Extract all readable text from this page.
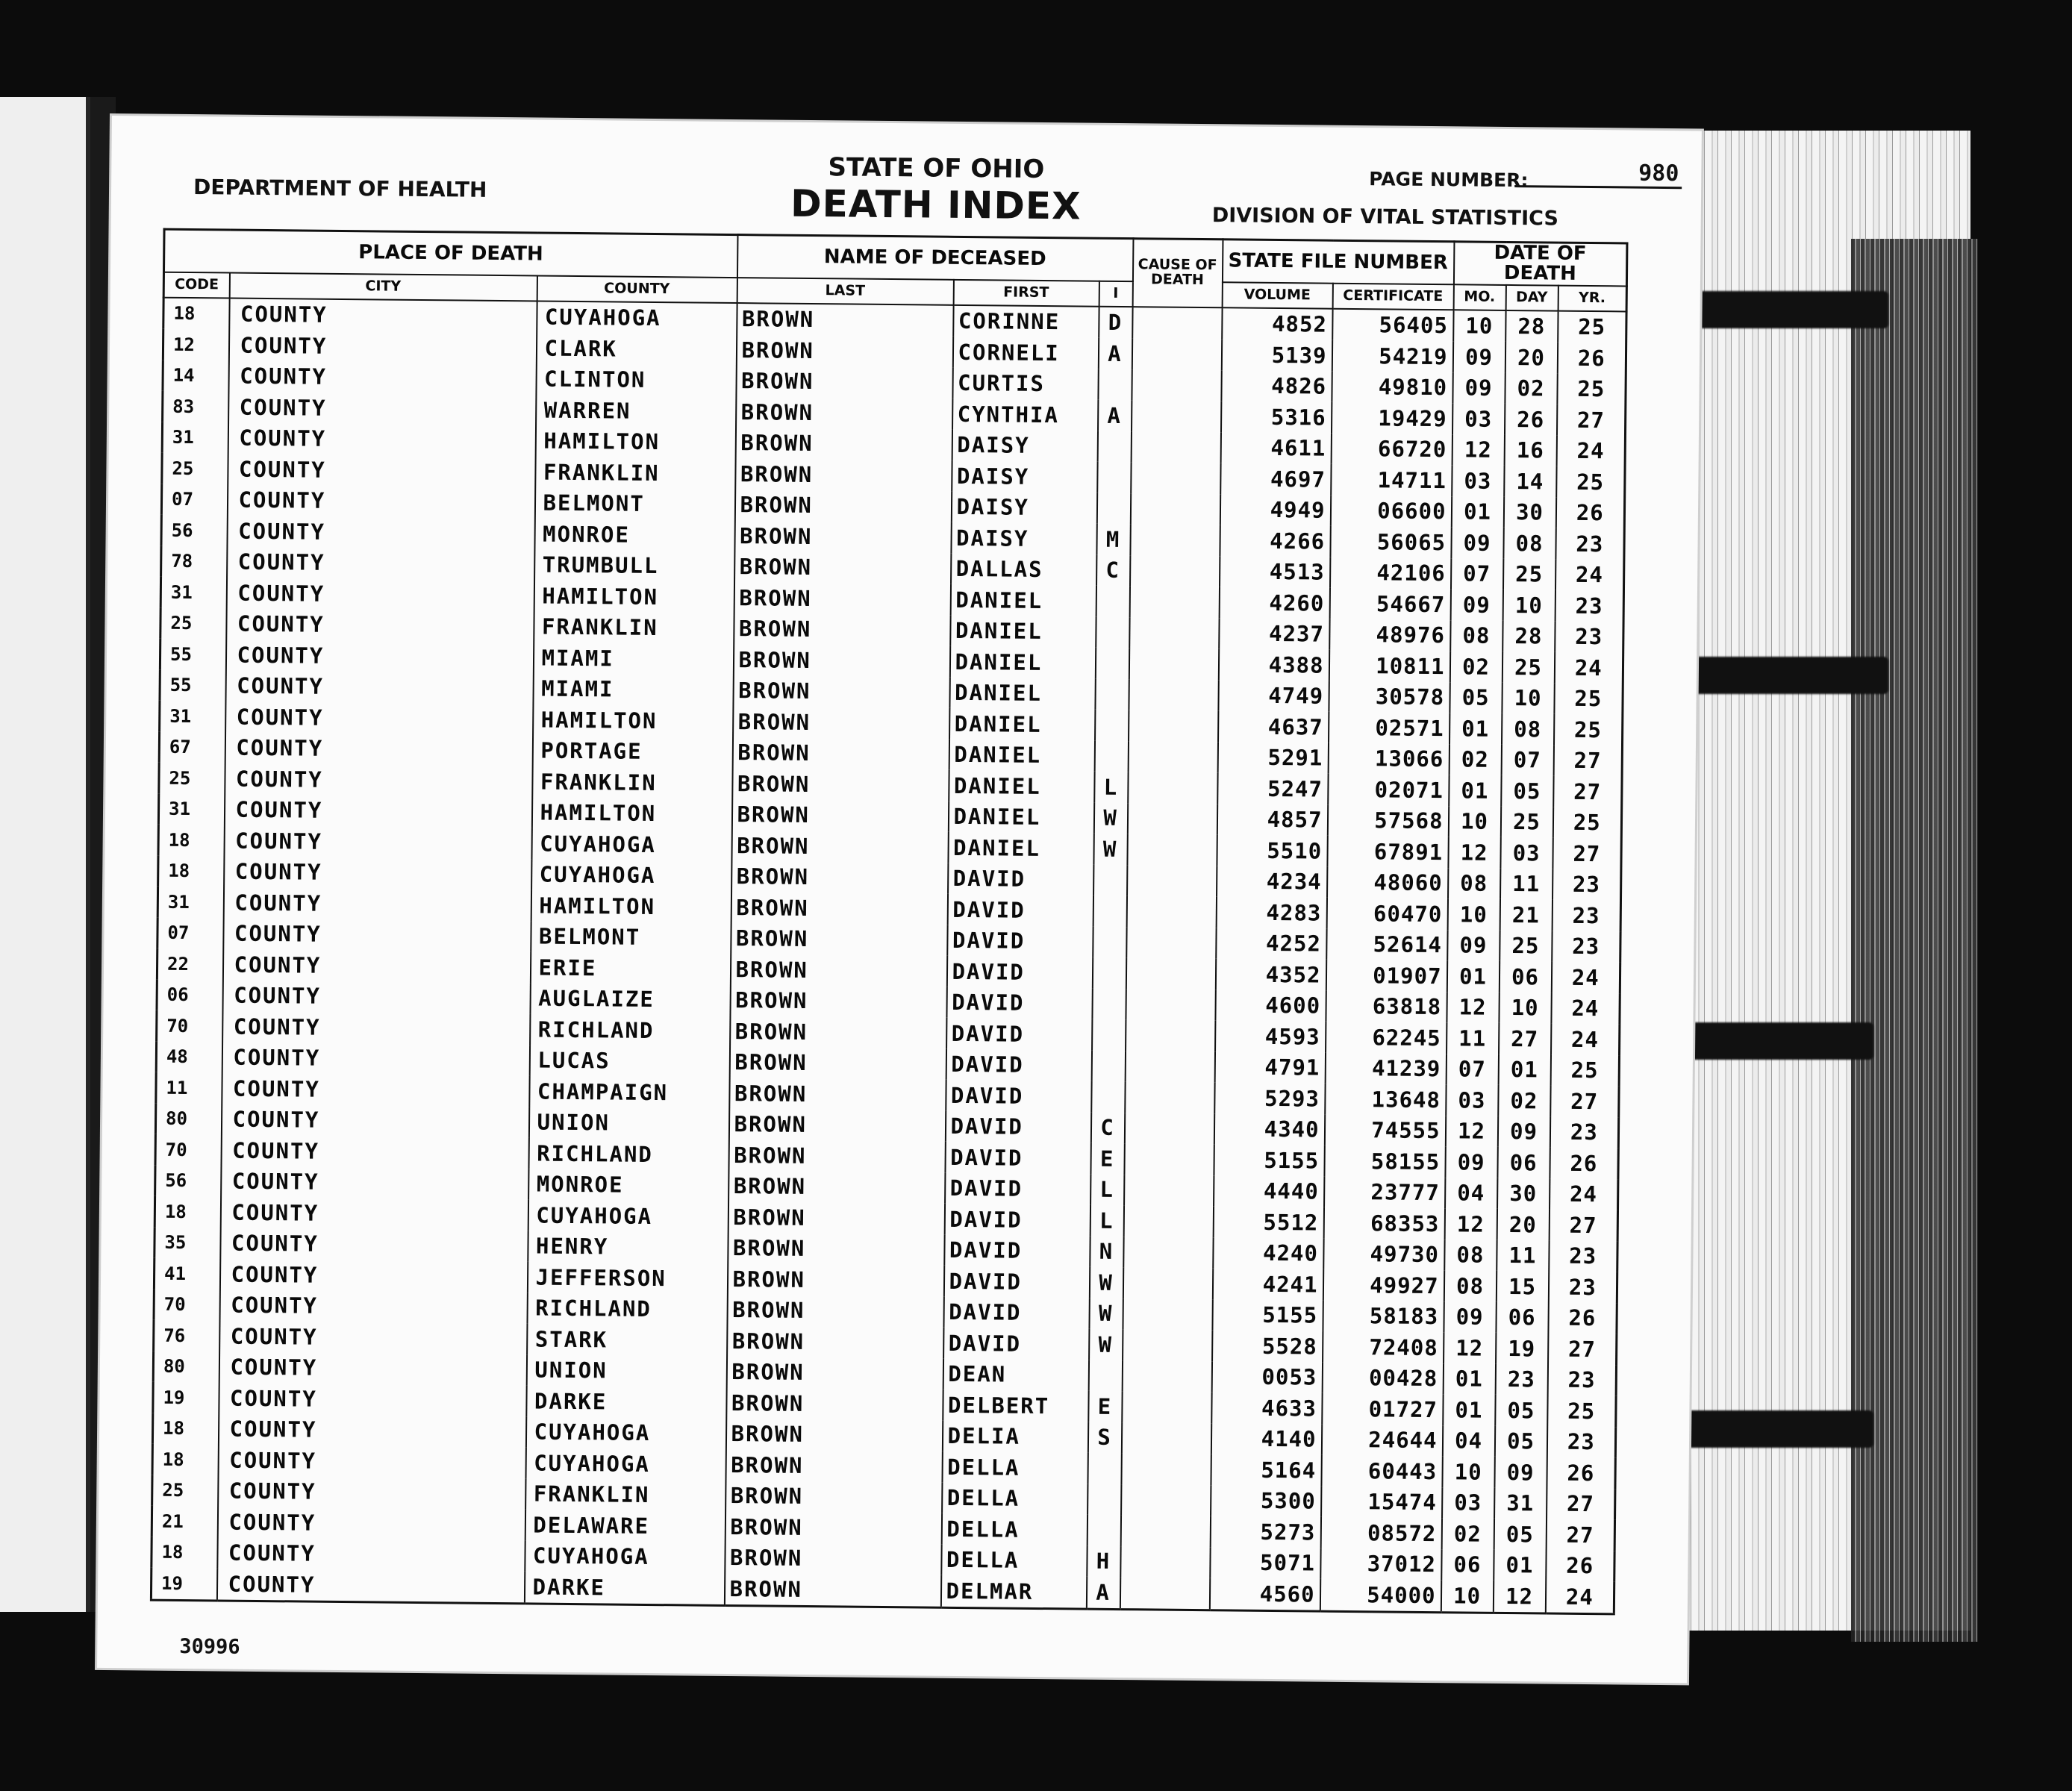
DEPARTMENT OF HEALTH
STATE OF OHIO
DEATH INDEX
PAGE NUMBER:	980
DIVISION OF VITAL STATISTICS
PLACE OF DEATH			NAME OF DECEASED			CAUSE OF DEATH	STATE FILE NUMBER		DATE OF DEATH		
CODE	CITY	COUNTY	LAST	FIRST	I		VOLUME	CERTIFICATE	MO.	DAY	YR.
18	COUNTY	CUYAHOGA	BROWN	CORINNE	D		4852	56405	10	28	25
12	COUNTY	CLARK	BROWN	CORNELI	A		5139	54219	09	20	26
14	COUNTY	CLINTON	BROWN	CURTIS			4826	49810	09	02	25
83	COUNTY	WARREN	BROWN	CYNTHIA	A		5316	19429	03	26	27
31	COUNTY	HAMILTON	BROWN	DAISY			4611	66720	12	16	24
25	COUNTY	FRANKLIN	BROWN	DAISY			4697	14711	03	14	25
07	COUNTY	BELMONT	BROWN	DAISY			4949	06600	01	30	26
56	COUNTY	MONROE	BROWN	DAISY	M		4266	56065	09	08	23
78	COUNTY	TRUMBULL	BROWN	DALLAS	C		4513	42106	07	25	24
31	COUNTY	HAMILTON	BROWN	DANIEL			4260	54667	09	10	23
25	COUNTY	FRANKLIN	BROWN	DANIEL			4237	48976	08	28	23
55	COUNTY	MIAMI	BROWN	DANIEL			4388	10811	02	25	24
55	COUNTY	MIAMI	BROWN	DANIEL			4749	30578	05	10	25
31	COUNTY	HAMILTON	BROWN	DANIEL			4637	02571	01	08	25
67	COUNTY	PORTAGE	BROWN	DANIEL			5291	13066	02	07	27
25	COUNTY	FRANKLIN	BROWN	DANIEL	L		5247	02071	01	05	27
31	COUNTY	HAMILTON	BROWN	DANIEL	W		4857	57568	10	25	25
18	COUNTY	CUYAHOGA	BROWN	DANIEL	W		5510	67891	12	03	27
18	COUNTY	CUYAHOGA	BROWN	DAVID			4234	48060	08	11	23
31	COUNTY	HAMILTON	BROWN	DAVID			4283	60470	10	21	23
07	COUNTY	BELMONT	BROWN	DAVID			4252	52614	09	25	23
22	COUNTY	ERIE	BROWN	DAVID			4352	01907	01	06	24
06	COUNTY	AUGLAIZE	BROWN	DAVID			4600	63818	12	10	24
70	COUNTY	RICHLAND	BROWN	DAVID			4593	62245	11	27	24
48	COUNTY	LUCAS	BROWN	DAVID			4791	41239	07	01	25
11	COUNTY	CHAMPAIGN	BROWN	DAVID			5293	13648	03	02	27
80	COUNTY	UNION	BROWN	DAVID	C		4340	74555	12	09	23
70	COUNTY	RICHLAND	BROWN	DAVID	E		5155	58155	09	06	26
56	COUNTY	MONROE	BROWN	DAVID	L		4440	23777	04	30	24
18	COUNTY	CUYAHOGA	BROWN	DAVID	L		5512	68353	12	20	27
35	COUNTY	HENRY	BROWN	DAVID	N		4240	49730	08	11	23
41	COUNTY	JEFFERSON	BROWN	DAVID	W		4241	49927	08	15	23
70	COUNTY	RICHLAND	BROWN	DAVID	W		5155	58183	09	06	26
76	COUNTY	STARK	BROWN	DAVID	W		5528	72408	12	19	27
80	COUNTY	UNION	BROWN	DEAN			0053	00428	01	23	23
19	COUNTY	DARKE	BROWN	DELBERT	E		4633	01727	01	05	25
18	COUNTY	CUYAHOGA	BROWN	DELIA	S		4140	24644	04	05	23
18	COUNTY	CUYAHOGA	BROWN	DELLA			5164	60443	10	09	26
25	COUNTY	FRANKLIN	BROWN	DELLA			5300	15474	03	31	27
21	COUNTY	DELAWARE	BROWN	DELLA			5273	08572	02	05	27
18	COUNTY	CUYAHOGA	BROWN	DELLA	H		5071	37012	06	01	26
19	COUNTY	DARKE	BROWN	DELMAR	A		4560	54000	10	12	24
30996
